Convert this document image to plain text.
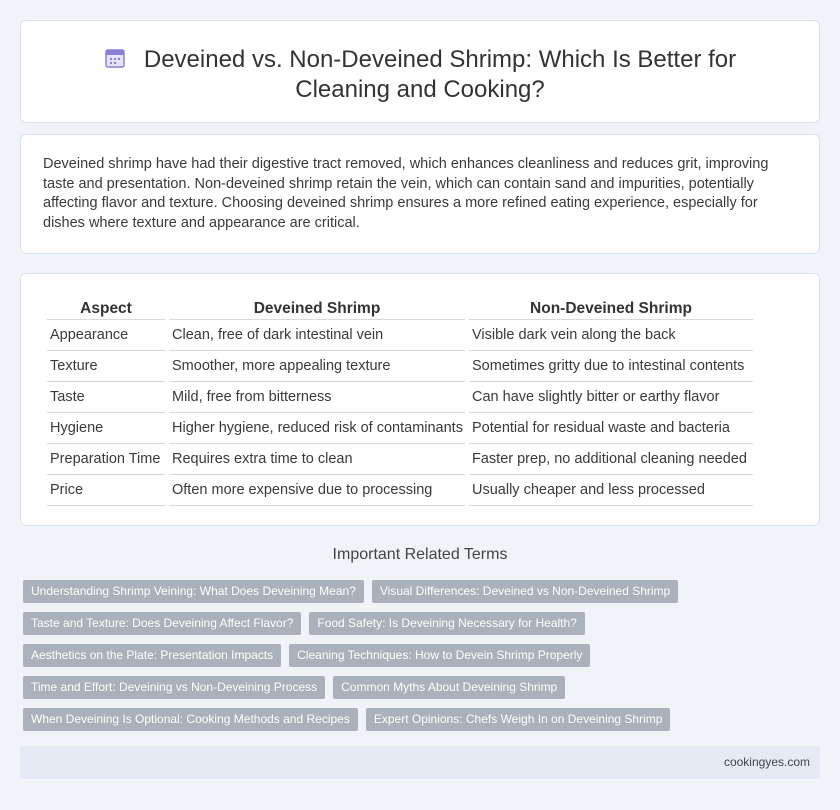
Deveined vs. Non-Deveined Shrimp: Which Is Better for Cleaning and Cooking?

Deveined shrimp have had their digestive tract removed, which enhances cleanliness and reduces grit, improving taste and presentation. Non-deveined shrimp retain the vein, which can contain sand and impurities, potentially affecting flavor and texture. Choosing deveined shrimp ensures a more refined eating experience, especially for dishes where texture and appearance are critical.

Aspect	Deveined Shrimp	Non-Deveined Shrimp
Appearance	Clean, free of dark intestinal vein	Visible dark vein along the back
Texture	Smoother, more appealing texture	Sometimes gritty due to intestinal contents
Taste	Mild, free from bitterness	Can have slightly bitter or earthy flavor
Hygiene	Higher hygiene, reduced risk of contaminants	Potential for residual waste and bacteria
Preparation Time	Requires extra time to clean	Faster prep, no additional cleaning needed
Price	Often more expensive due to processing	Usually cheaper and less processed
Important Related Terms
Understanding Shrimp Veining: What Does Deveining Mean?	Visual Differences: Deveined vs Non-Deveined Shrimp
Taste and Texture: Does Deveining Affect Flavor?	Food Safety: Is Deveining Necessary for Health?
Aesthetics on the Plate: Presentation Impacts	Cleaning Techniques: How to Devein Shrimp Properly
Time and Effort: Deveining vs Non-Deveining Process	Common Myths About Deveining Shrimp
When Deveining Is Optional: Cooking Methods and Recipes	Expert Opinions: Chefs Weigh In on Deveining Shrimp
cookingyes.com
